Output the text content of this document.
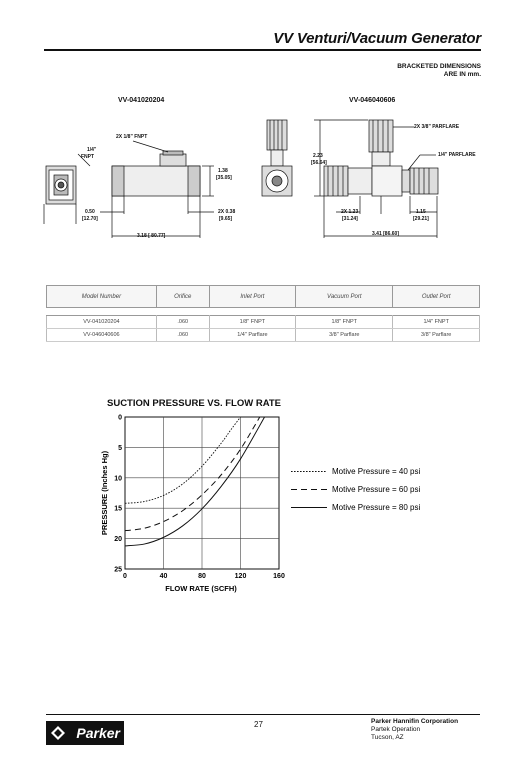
VV Venturi/Vacuum Generator
BRACKETED DIMENSIONS
ARE IN mm.
VV-041020204
2X 1/8" FNPT
1/4"
FNPT
1.38
[35.05]
0.50
[12.70]
2X 0.38
[9.65]
3.18 [ 80.77]
VV-046040606
2X 3/8" PARFLARE
1/4" PARFLARE
2.23
[56.64]
2X 1.23
[31.24]
1.15
[29.21]
3.41 [86.60]
Model Number	Orifice	Inlet Port	Vacuum Port	Outlet Port

VV-041020204	.060	1/8" FNPT	1/8" FNPT	1/4" FNPT
VV-046040606	.060	1/4" Parflare	3/8" Parflare	3/8" Parflare
SUCTION PRESSURE VS. FLOW RATE
0	40	80	120	160
0
5
10
15
20
25
FLOW RATE (SCFH)
PRESSURE (Inches Hg)	Motive Pressure = 40 psi
Motive Pressure = 60 psi
Motive Pressure = 80 psi
Parker
27	Parker Hannifin Corporation
Partek Operation
Tucson, AZ
